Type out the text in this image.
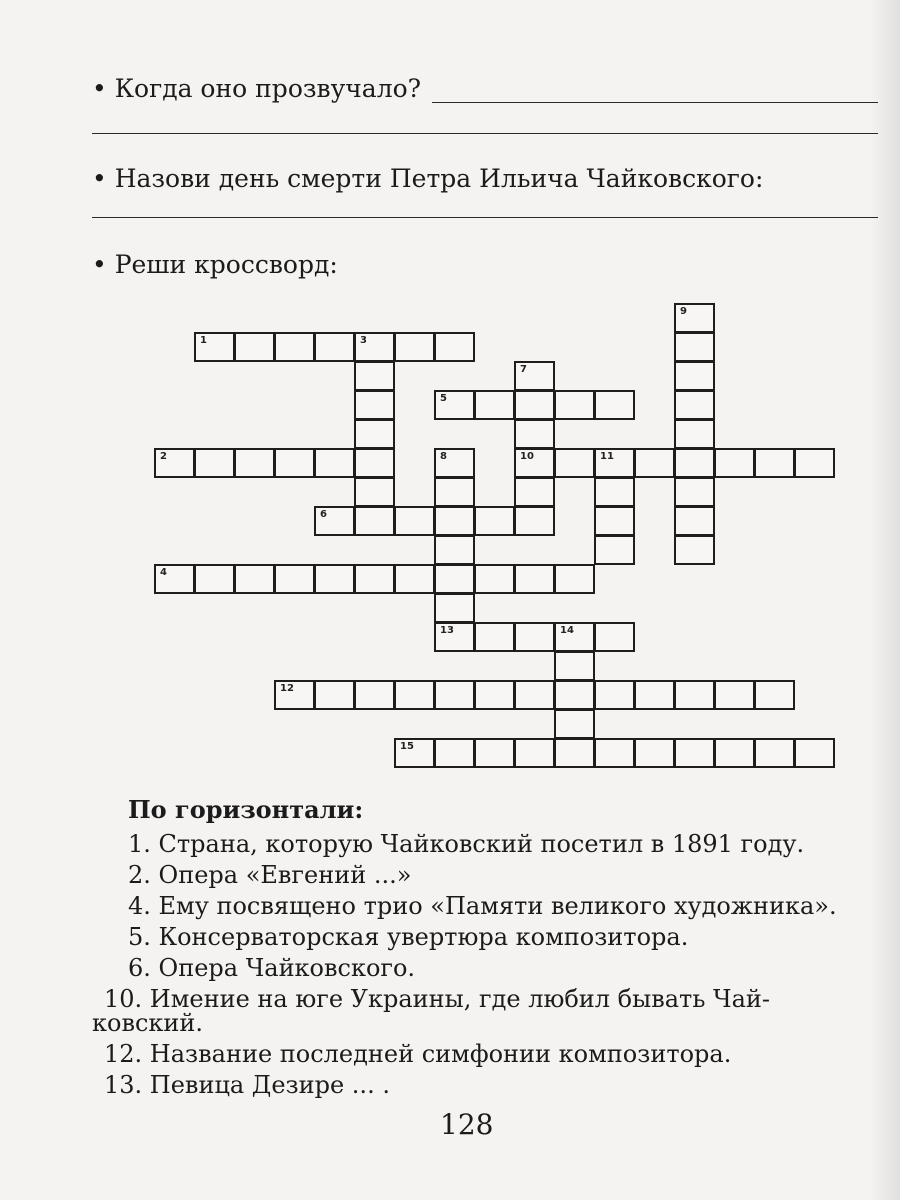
• Когда оно прозвучало?
• Назови день смерти Петра Ильича Чайковского:
• Реши кроссворд:
1	3
9
7
10
5
2	8
13
11
6
4
14
12
15
По горизонтали:
1. Страна, которую Чайковский посетил в 1891 году.
2. Опера «Евгений ...»
4. Ему посвящено трио «Памяти великого художника».
5. Консерваторская увертюра композитора.
6. Опера Чайковского.
10. Имение на юге Украины, где любил бывать Чай-
ковский.
12. Название последней симфонии композитора.
13. Певица Дезире ... .
128
